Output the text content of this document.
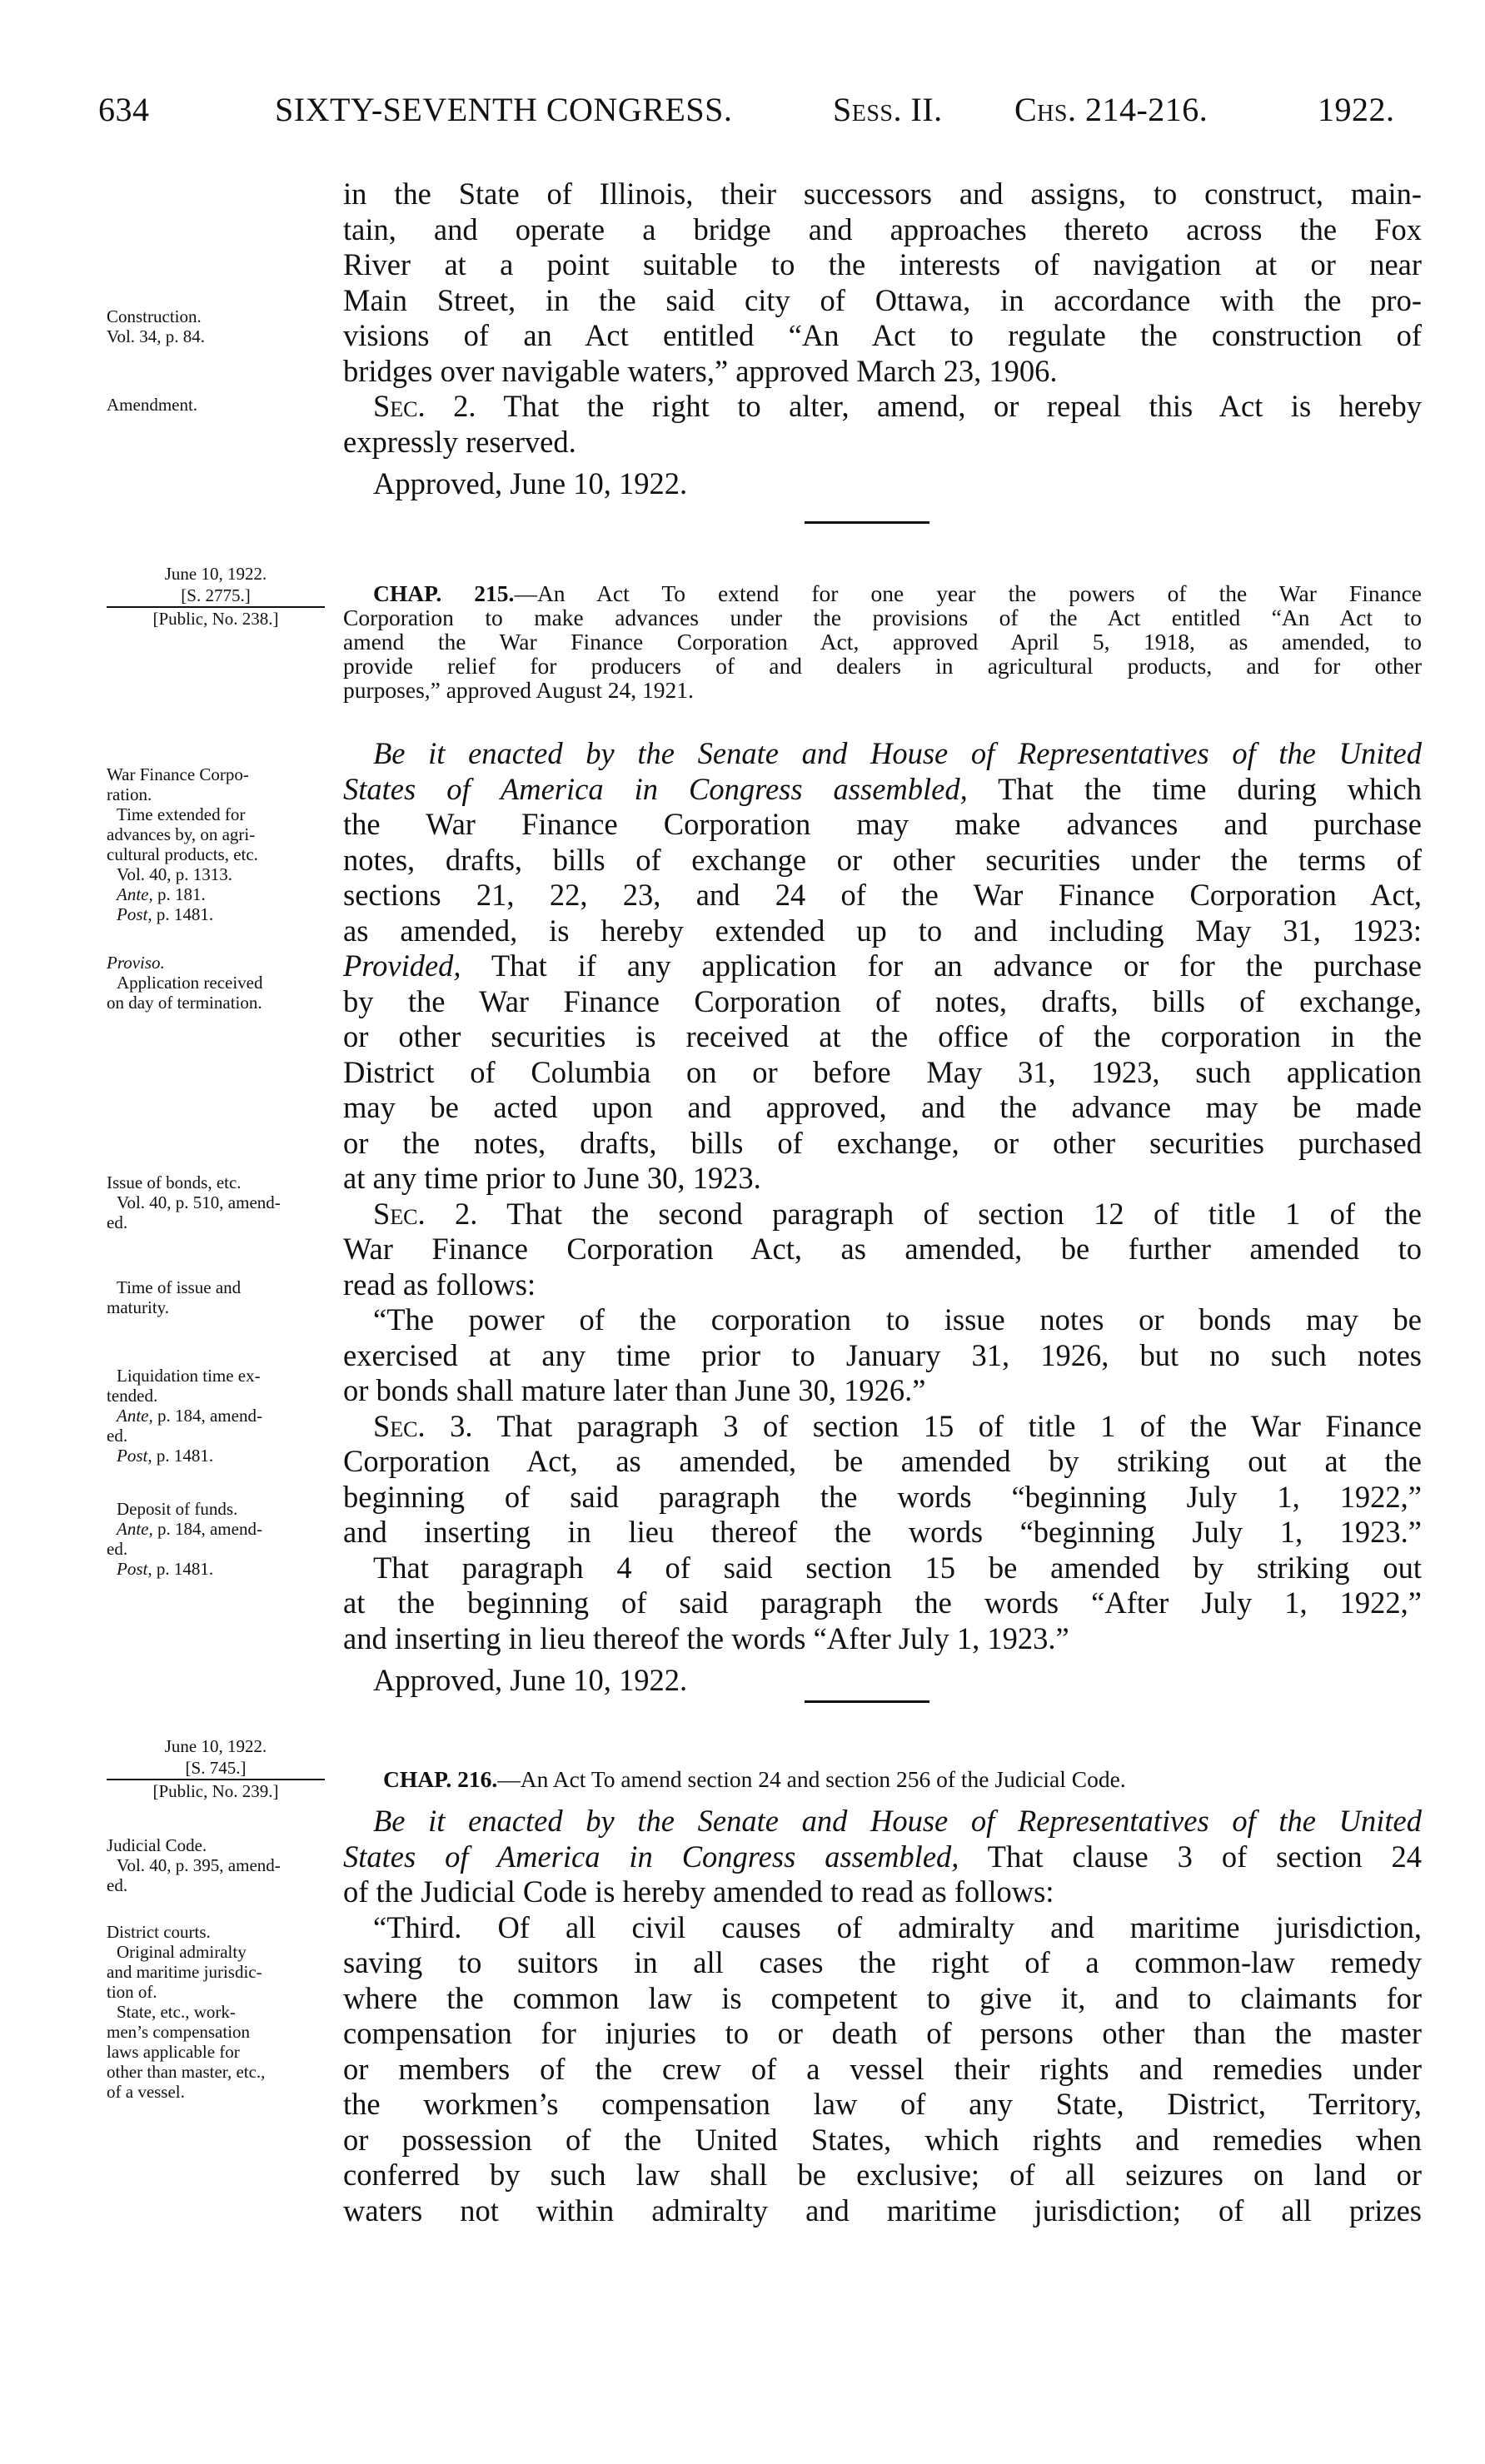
634	SIXTY-SEVENTH CONGRESS.	Sess. II. Chs. 214-216.	1922.
in the State of Illinois, their successors and assigns, to construct, main-
tain, and operate a bridge and approaches thereto across the Fox
River at a point suitable to the interests of navigation at or near
Main Street, in the said city of Ottawa, in accordance with the pro-
visions of an Act entitled “An Act to regulate the construction of
bridges over navigable waters,” approved March 23, 1906.
Sec. 2. That the right to alter, amend, or repeal this Act is hereby
expressly reserved.
Approved, June 10, 1922.
Construction.
Vol. 34, p. 84.
Amendment.
June 10, 1922.
[S. 2775.]
[Public, No. 238.]
CHAP. 215.—An Act To extend for one year the powers of the War Finance
Corporation to make advances under the provisions of the Act entitled “An Act to
amend the War Finance Corporation Act, approved April 5, 1918, as amended, to
provide relief for producers of and dealers in agricultural products, and for other
purposes,” approved August 24, 1921.
Be it enacted by the Senate and House of Representatives of the United
States of America in Congress assembled, That the time during which
the War Finance Corporation may make advances and purchase
notes, drafts, bills of exchange or other securities under the terms of
sections 21, 22, 23, and 24 of the War Finance Corporation Act,
as amended, is hereby extended up to and including May 31, 1923:
Provided, That if any application for an advance or for the purchase
by the War Finance Corporation of notes, drafts, bills of exchange,
or other securities is received at the office of the corporation in the
District of Columbia on or before May 31, 1923, such application
may be acted upon and approved, and the advance may be made
or the notes, drafts, bills of exchange, or other securities purchased
at any time prior to June 30, 1923.
Sec. 2. That the second paragraph of section 12 of title 1 of the
War Finance Corporation Act, as amended, be further amended to
read as follows:
“The power of the corporation to issue notes or bonds may be
exercised at any time prior to January 31, 1926, but no such notes
or bonds shall mature later than June 30, 1926.”
Sec. 3. That paragraph 3 of section 15 of title 1 of the War Finance
Corporation Act, as amended, be amended by striking out at the
beginning of said paragraph the words “beginning July 1, 1922,”
and inserting in lieu thereof the words “beginning July 1, 1923.”
That paragraph 4 of said section 15 be amended by striking out
at the beginning of said paragraph the words “After July 1, 1922,”
and inserting in lieu thereof the words “After July 1, 1923.”
Approved, June 10, 1922.
War Finance Corpo-
ration.
Time extended for
advances by, on agri-
cultural products, etc.
Vol. 40, p. 1313.
Ante, p. 181.
Post, p. 1481.
Proviso.
Application received
on day of termination.
Issue of bonds, etc.
Vol. 40, p. 510, amend-
ed.
Time of issue and
maturity.
Liquidation time ex-
tended.
Ante, p. 184, amend-
ed.
Post, p. 1481.
Deposit of funds.
Ante, p. 184, amend-
ed.
Post, p. 1481.
June 10, 1922.
[S. 745.]
[Public, No. 239.]	CHAP. 216.—An Act To amend section 24 and section 256 of the Judicial Code.
Be it enacted by the Senate and House of Representatives of the United
States of America in Congress assembled, That clause 3 of section 24
of the Judicial Code is hereby amended to read as follows:
“Third. Of all civil causes of admiralty and maritime jurisdiction,
saving to suitors in all cases the right of a common-law remedy
where the common law is competent to give it, and to claimants for
compensation for injuries to or death of persons other than the master
or members of the crew of a vessel their rights and remedies under
the workmen’s compensation law of any State, District, Territory,
or possession of the United States, which rights and remedies when
conferred by such law shall be exclusive; of all seizures on land or
waters not within admiralty and maritime jurisdiction; of all prizes
Judicial Code.
Vol. 40, p. 395, amend-
ed.
District courts.
Original admiralty
and maritime jurisdic-
tion of.
State, etc., work-
men’s compensation
laws applicable for
other than master, etc.,
of a vessel.
